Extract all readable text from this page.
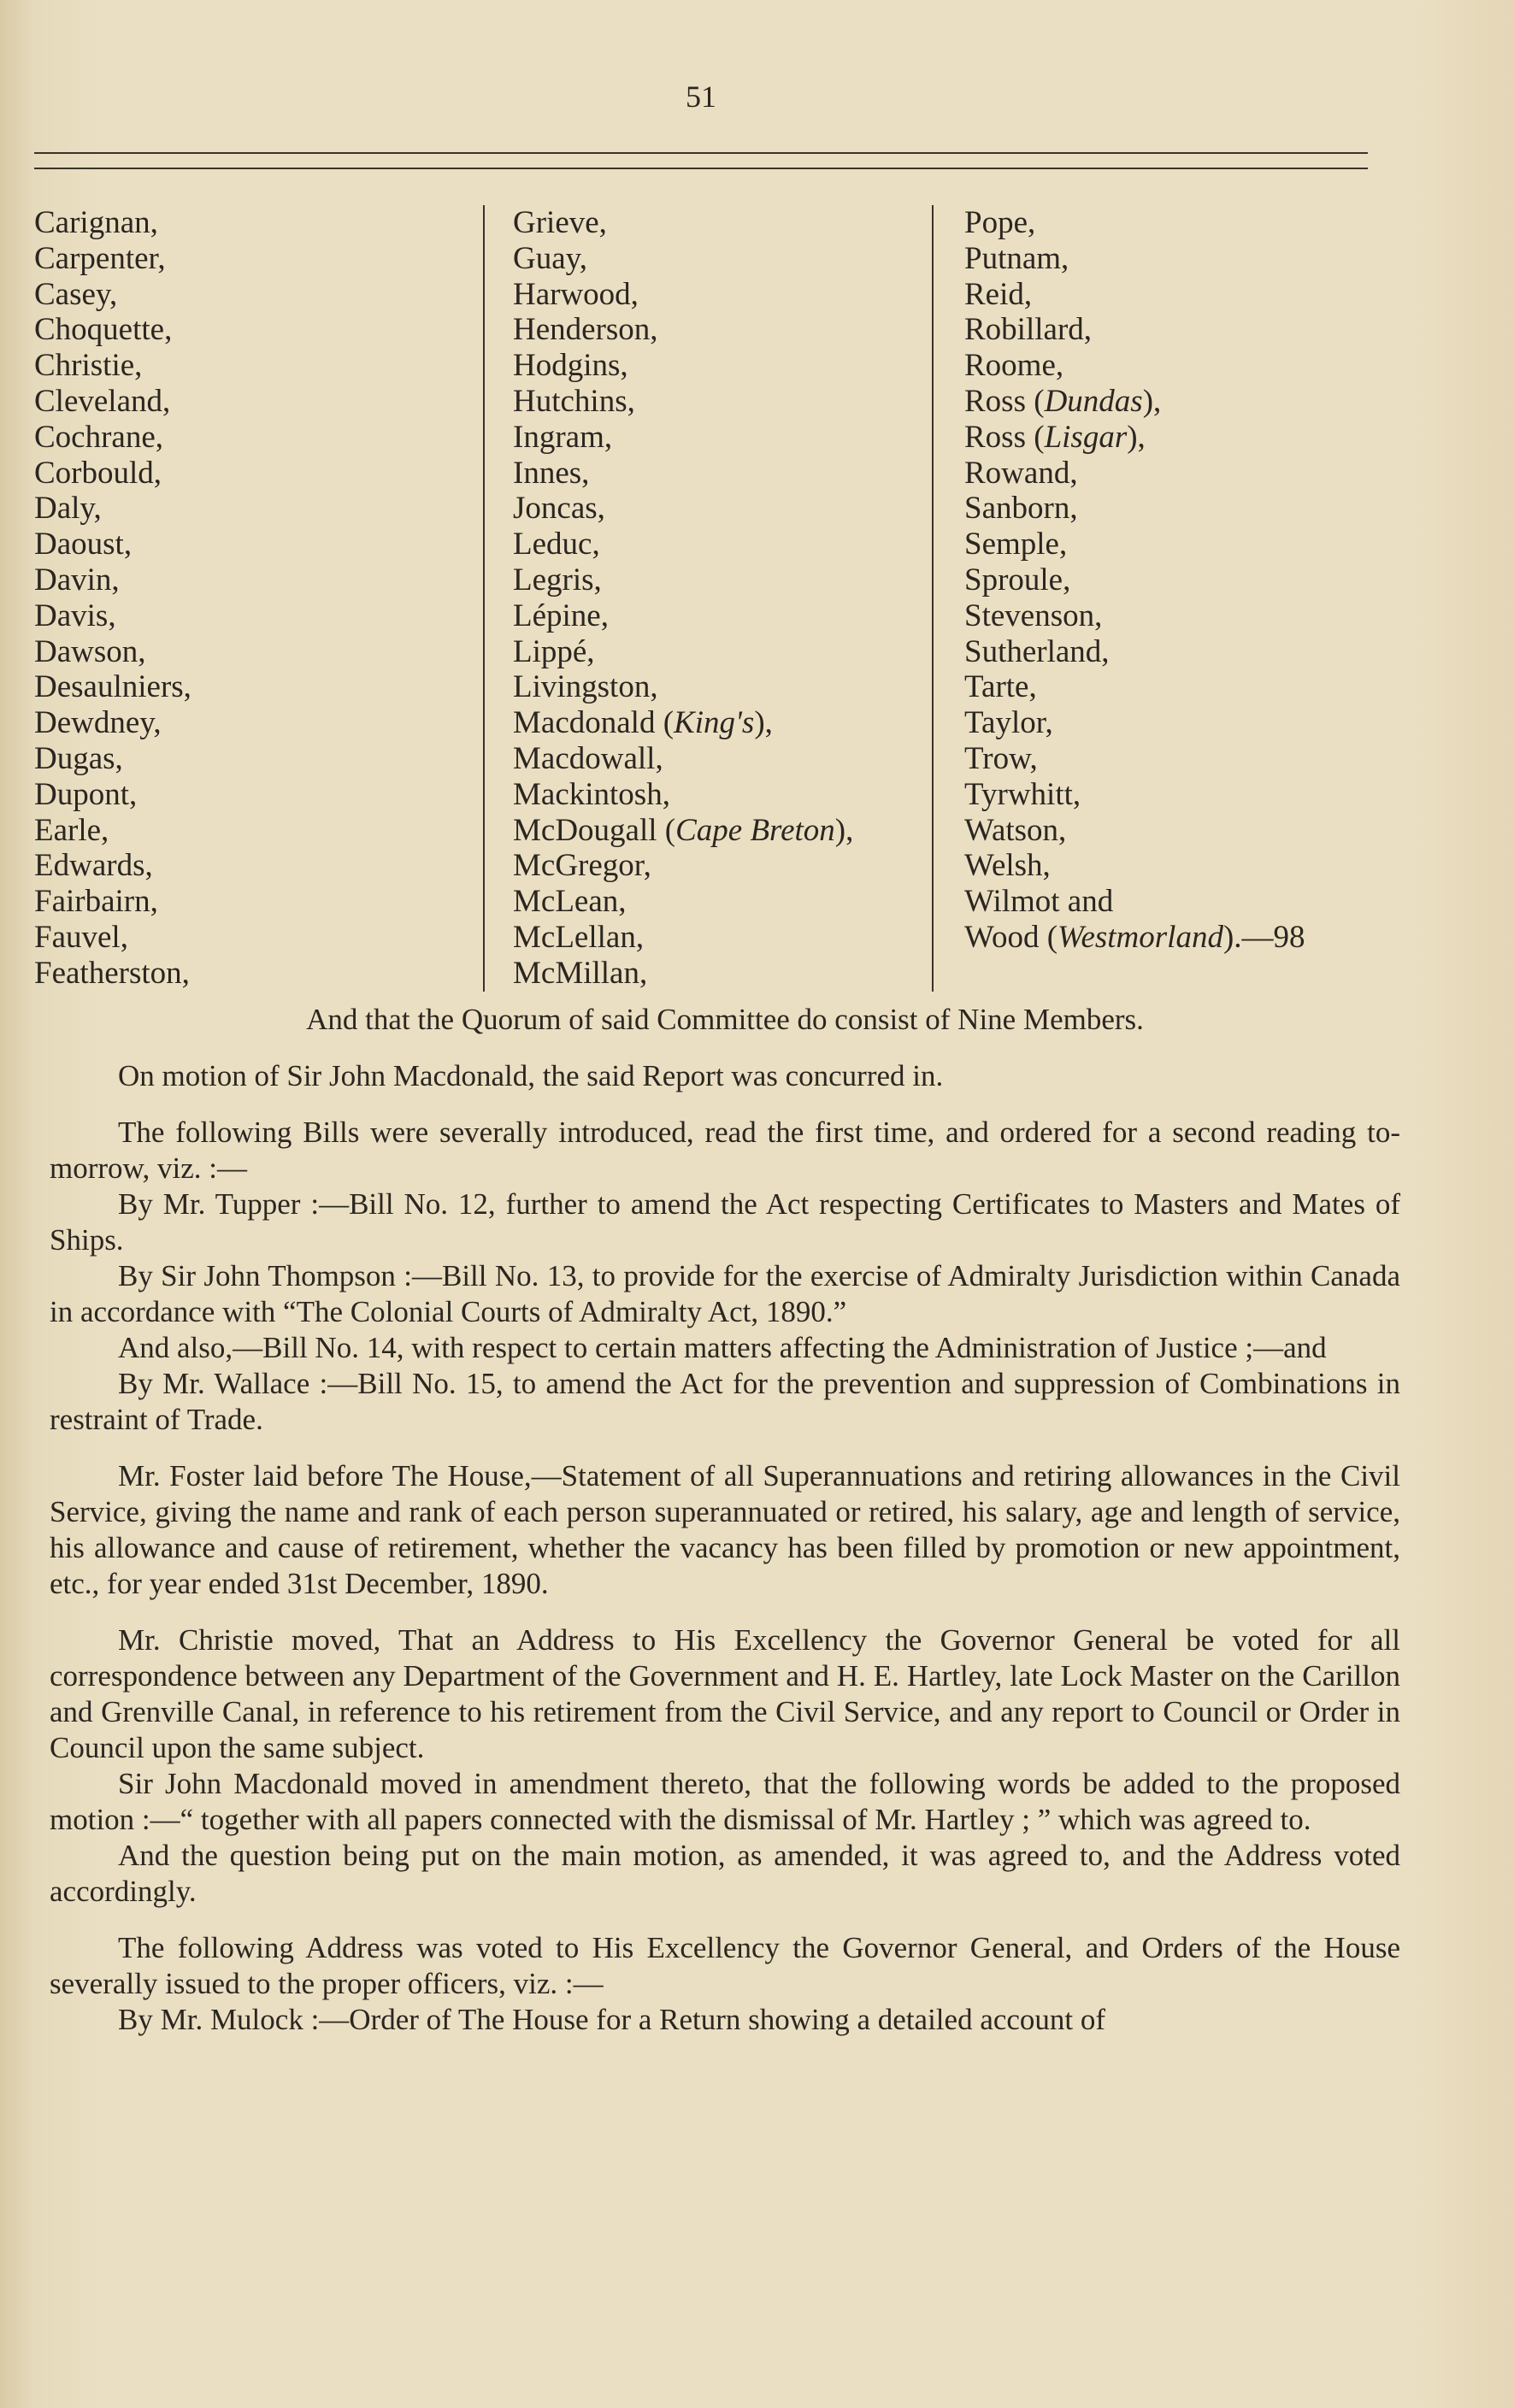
51
Carignan,
Carpenter,
Casey,
Choquette,
Christie,
Cleveland,
Cochrane,
Corbould,
Daly,
Daoust,
Davin,
Davis,
Dawson,
Desaulniers,
Dewdney,
Dugas,
Dupont,
Earle,
Edwards,
Fairbairn,
Fauvel,
Featherston,
Grieve,
Guay,
Harwood,
Henderson,
Hodgins,
Hutchins,
Ingram,
Innes,
Joncas,
Leduc,
Legris,
Lépine,
Lippé,
Livingston,
Macdonald (King's),
Macdowall,
Mackintosh,
McDougall (Cape Breton),
McGregor,
McLean,
McLellan,
McMillan,
Pope,
Putnam,
Reid,
Robillard,
Roome,
Ross (Dundas),
Ross (Lisgar),
Rowand,
Sanborn,
Semple,
Sproule,
Stevenson,
Sutherland,
Tarte,
Taylor,
Trow,
Tyrwhitt,
Watson,
Welsh,
Wilmot and
Wood (Westmorland).—98

And that the Quorum of said Committee do consist of Nine Members.

On motion of Sir John Macdonald, the said Report was concurred in.

The following Bills were severally introduced, read the first time, and ordered for a second reading to-morrow, viz. :—

By Mr. Tupper :—Bill No. 12, further to amend the Act respecting Certificates to Masters and Mates of Ships.

By Sir John Thompson :—Bill No. 13, to provide for the exercise of Admiralty Jurisdiction within Canada in accordance with “The Colonial Courts of Admiralty Act, 1890.”

And also,—Bill No. 14, with respect to certain matters affecting the Administration of Justice ;—and

By Mr. Wallace :—Bill No. 15, to amend the Act for the prevention and suppression of Combinations in restraint of Trade.

Mr. Foster laid before The House,—Statement of all Superannuations and retiring allowances in the Civil Service, giving the name and rank of each person superannuated or retired, his salary, age and length of service, his allowance and cause of retirement, whether the vacancy has been filled by promotion or new appointment, etc., for year ended 31st December, 1890.

Mr. Christie moved, That an Address to His Excellency the Governor General be voted for all correspondence between any Department of the Government and H. E. Hartley, late Lock Master on the Carillon and Grenville Canal, in reference to his retirement from the Civil Service, and any report to Council or Order in Council upon the same subject.

Sir John Macdonald moved in amendment thereto, that the following words be added to the proposed motion :—“ together with all papers connected with the dismissal of Mr. Hartley ; ” which was agreed to.

And the question being put on the main motion, as amended, it was agreed to, and the Address voted accordingly.

The following Address was voted to His Excellency the Governor General, and Orders of the House severally issued to the proper officers, viz. :—

By Mr. Mulock :—Order of The House for a Return showing a detailed account of
